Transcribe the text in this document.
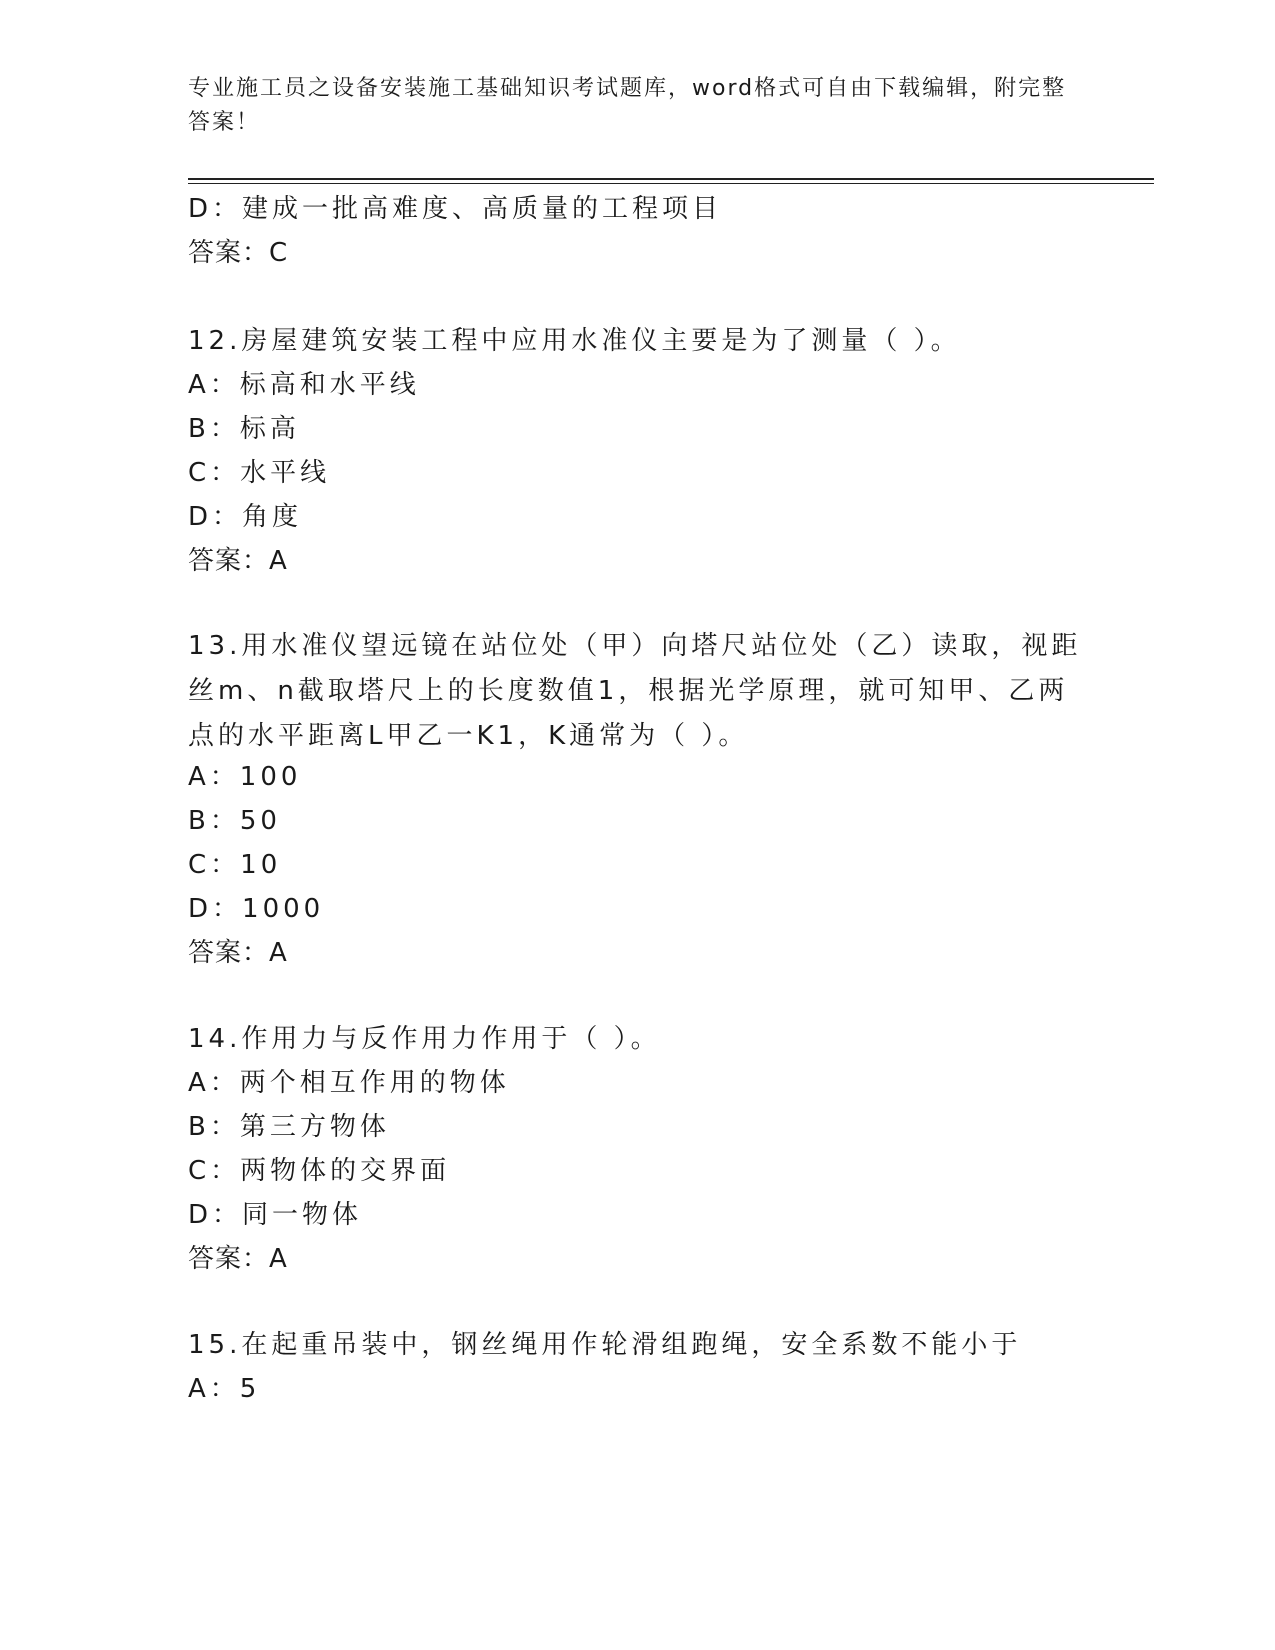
专业施工员之设备安装施工基础知识考试题库，word格式可自由下载编辑，附完整答案！

D：建成一批高难度、高质量的工程项目
答案：C
12.房屋建筑安装工程中应用水准仪主要是为了测量（ ）。
A：标高和水平线
B：标高
C：水平线
D：角度
答案：A

13.用水准仪望远镜在站位处（甲）向塔尺站位处（乙）读取，视距丝m、n截取塔尺上的长度数值1，根据光学原理，就可知甲、乙两点的水平距离L甲乙一K1，K通常为（ ）。

A：100
B：50
C：10
D：1000
答案：A
14.作用力与反作用力作用于（ ）。
A：两个相互作用的物体
B：第三方物体
C：两物体的交界面
D：同一物体
答案：A
15.在起重吊装中，钢丝绳用作轮滑组跑绳，安全系数不能小于
A：5
